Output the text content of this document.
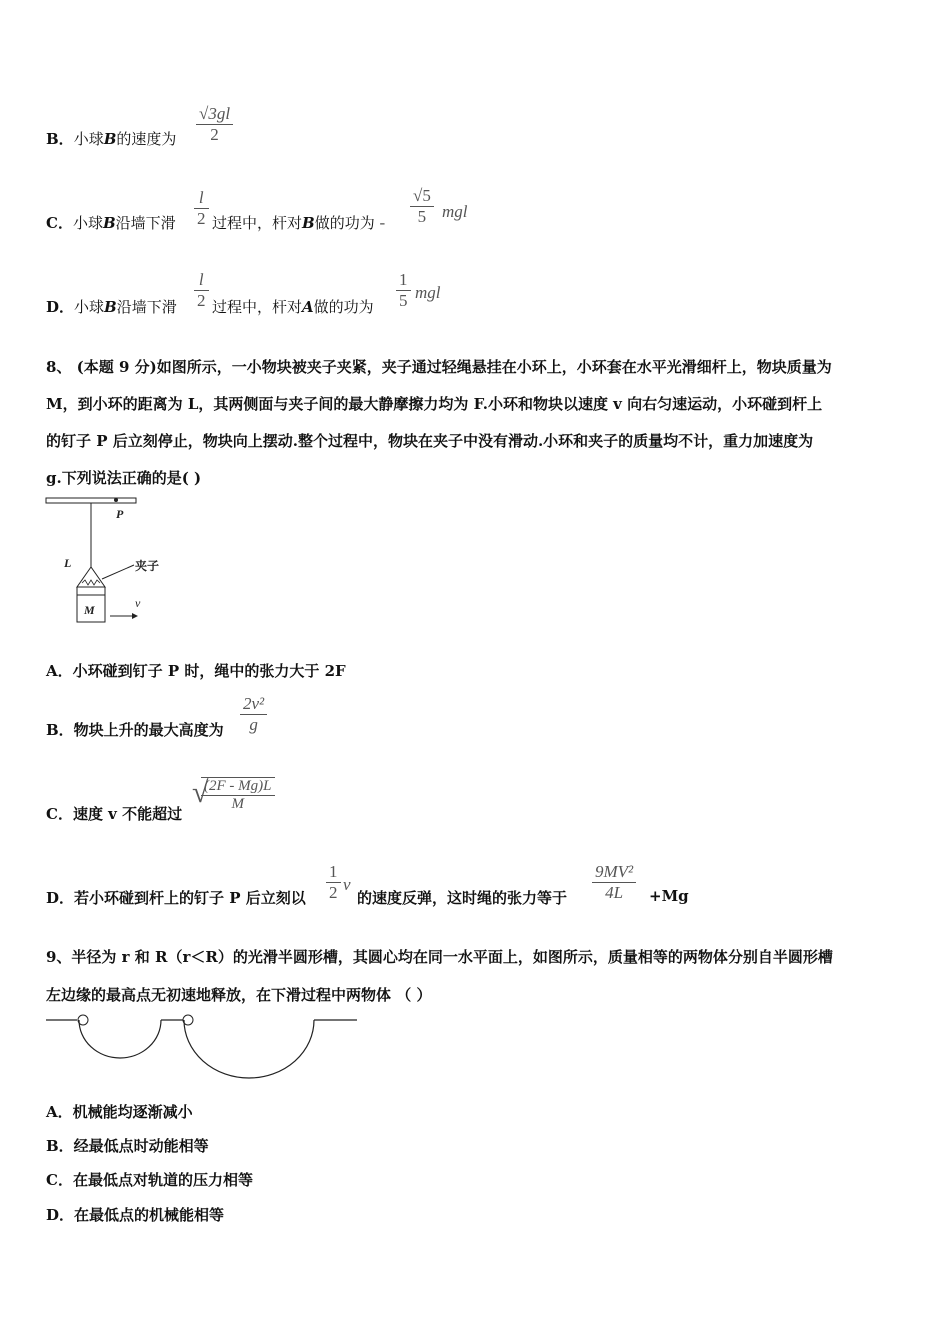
B．小球B的速度为 $\frac{√3gl}{2}$
C．小球B沿墙下滑 $\frac{l}{2}$ 过程中，杆对B做的功为 - $\frac{√5}{5}$ mgl
D．小球B沿墙下滑 $\frac{l}{2}$ 过程中，杆对A做的功为 $\frac{1}{5}$ mgl
8、 (本题 9 分)如图所示，一小物块被夹子夹紧，夹子通过轻绳悬挂在小环上，小环套在水平光滑细杆上，物块质量为
M，到小环的距离为 L，其两侧面与夹子间的最大静摩擦力均为 F.小环和物块以速度 v 向右匀速运动，小环碰到杆上
的钉子 P 后立刻停止，物块向上摆动.整个过程中，物块在夹子中没有滑动.小环和夹子的质量均不计，重力加速度为
g.下列说法正确的是( )
P
L	夹子
M	v
A．小环碰到钉子 P 时，绳中的张力大于 2F
B．物块上升的最大高度为 $\frac{\text{2v²}}{g}$
C．速度 v 不能超过
√
$\frac{(2F - Mg)L}{M}$
D．若小环碰到杆上的钉子 P 后立刻以 $\frac{1}{2}$ v
的速度反弹，这时绳的张力等于 $\frac{\text{9MV²}}{4L} +Mg$
9、半径为 r 和 R（r＜R）的光滑半圆形槽，其圆心均在同一水平面上，如图所示，质量相等的两物体分别自半圆形槽
左边缘的最高点无初速地释放，在下滑过程中两物体 （ ）
A．机械能均逐渐减小
B．经最低点时动能相等
C．在最低点对轨道的压力相等
D．在最低点的机械能相等
